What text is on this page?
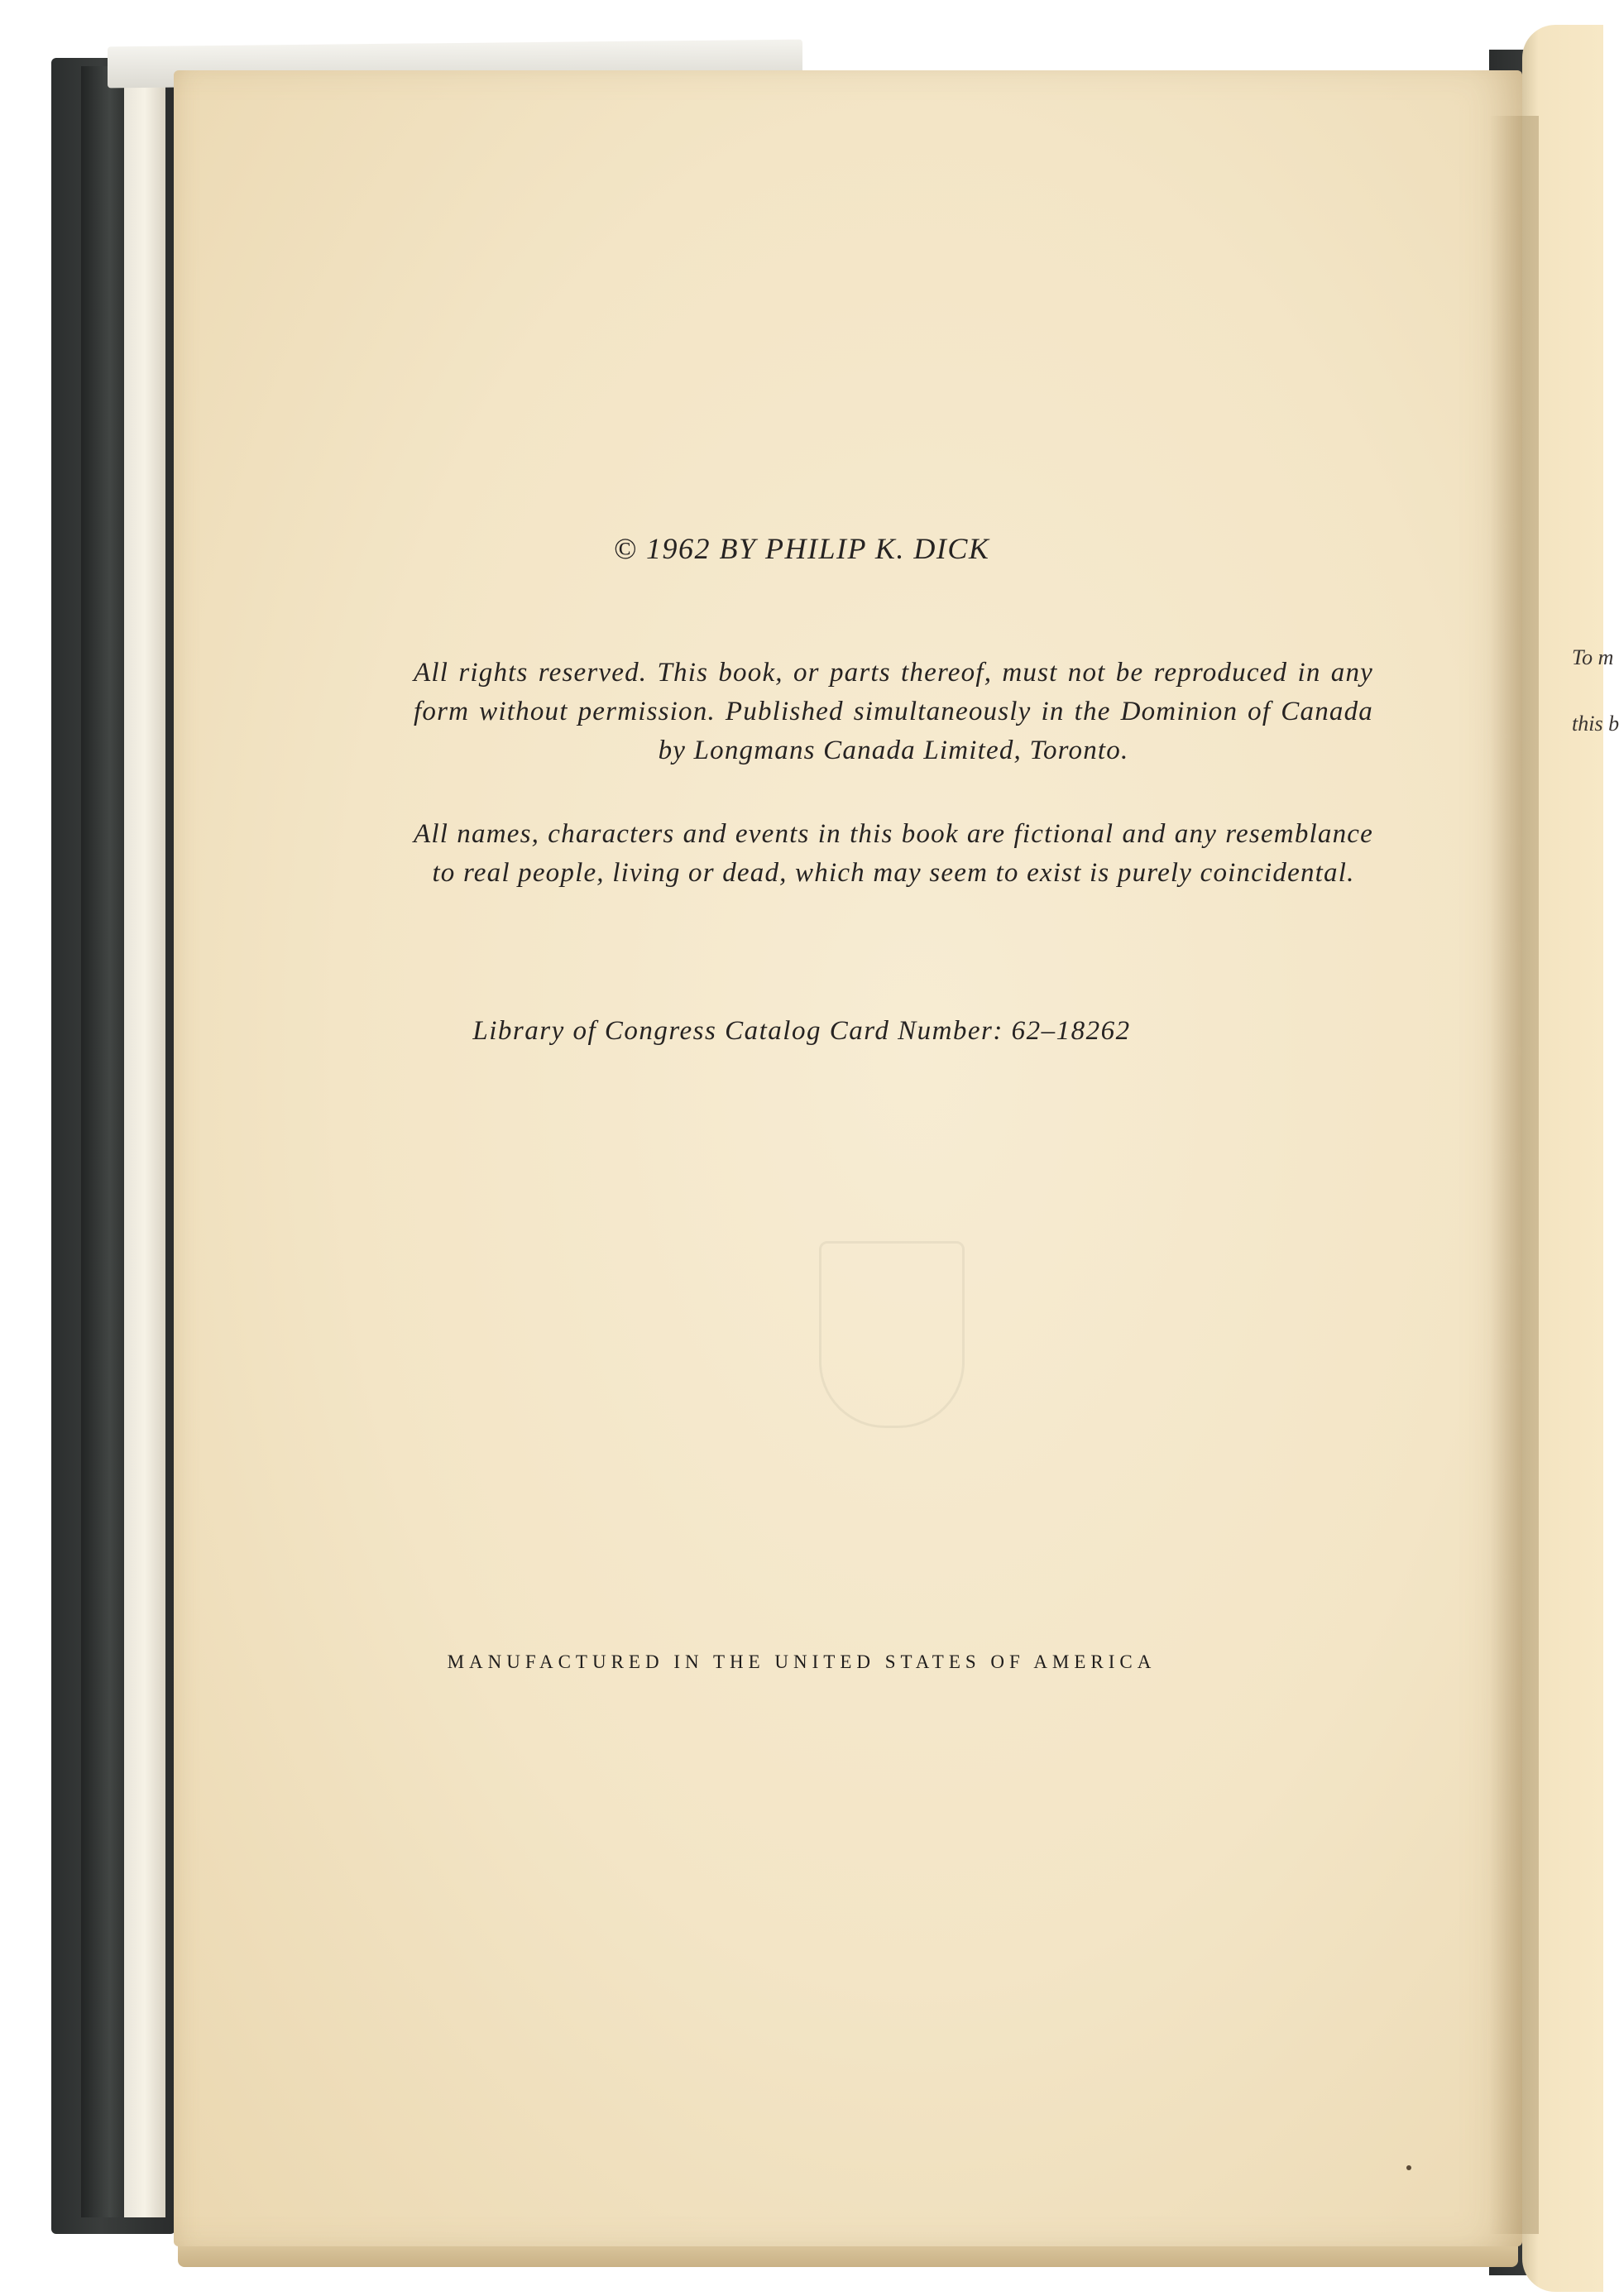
© 1962 BY PHILIP K. DICK

All rights reserved. This book, or parts thereof, must not be reproduced in any form without permission. Published simultaneously in the Dominion of Canada by Longmans Canada Limited, Toronto.

All names, characters and events in this book are fictional and any resemblance to real people, living or dead, which may seem to exist is purely coincidental.

Library of Congress Catalog Card Number: 62–18262
MANUFACTURED IN THE UNITED STATES OF AMERICA
To m
this b
